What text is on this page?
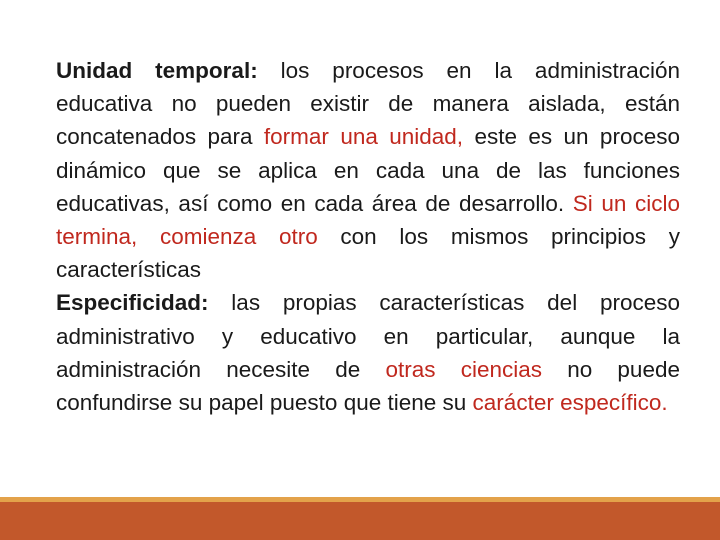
Unidad temporal: los procesos en la administración educativa no pueden existir de manera aislada, están concatenados para formar una unidad, este es un proceso dinámico que se aplica en cada una de las funciones educativas, así como en cada área de desarrollo. Si un ciclo termina, comienza otro con los mismos principios y características

Especificidad: las propias características del proceso administrativo y educativo en particular, aunque la administración necesite de otras ciencias no puede confundirse su papel puesto que tiene su carácter específico.
